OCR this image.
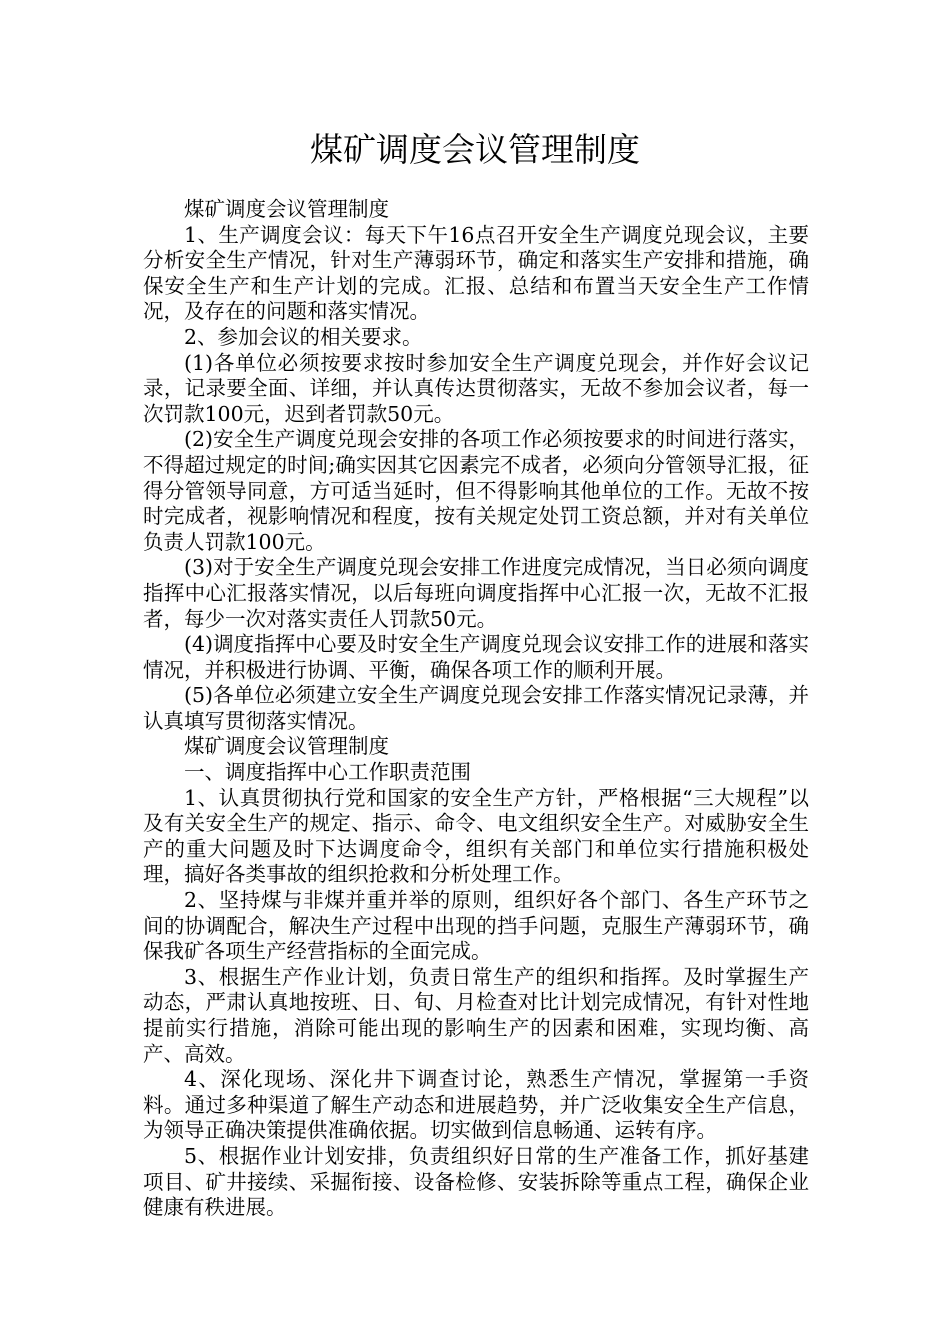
煤矿调度会议管理制度

煤矿调度会议管理制度

1、生产调度会议：每天下午16点召开安全生产调度兑现会议，主要分析安全生产情况，针对生产薄弱环节，确定和落实生产安排和措施，确保安全生产和生产计划的完成。汇报、总结和布置当天安全生产工作情况，及存在的问题和落实情况。

2、参加会议的相关要求。

(1)各单位必须按要求按时参加安全生产调度兑现会，并作好会议记录，记录要全面、详细，并认真传达贯彻落实，无故不参加会议者，每一次罚款100元，迟到者罚款50元。

(2)安全生产调度兑现会安排的各项工作必须按要求的时间进行落实，不得超过规定的时间;确实因其它因素完不成者，必须向分管领导汇报，征得分管领导同意，方可适当延时，但不得影响其他单位的工作。无故不按时完成者，视影响情况和程度，按有关规定处罚工资总额，并对有关单位负责人罚款100元。

(3)对于安全生产调度兑现会安排工作进度完成情况，当日必须向调度指挥中心汇报落实情况，以后每班向调度指挥中心汇报一次，无故不汇报者，每少一次对落实责任人罚款50元。

(4)调度指挥中心要及时安全生产调度兑现会议安排工作的进展和落实情况，并积极进行协调、平衡，确保各项工作的顺利开展。

(5)各单位必须建立安全生产调度兑现会安排工作落实情况记录薄，并认真填写贯彻落实情况。

煤矿调度会议管理制度

一、调度指挥中心工作职责范围

1、认真贯彻执行党和国家的安全生产方针，严格根据“三大规程”以及有关安全生产的规定、指示、命令、电文组织安全生产。对威胁安全生产的重大问题及时下达调度命令，组织有关部门和单位实行措施积极处理，搞好各类事故的组织抢救和分析处理工作。

2、坚持煤与非煤并重并举的原则，组织好各个部门、各生产环节之间的协调配合，解决生产过程中出现的挡手问题，克服生产薄弱环节，确保我矿各项生产经营指标的全面完成。

3、根据生产作业计划，负责日常生产的组织和指挥。及时掌握生产动态，严肃认真地按班、日、旬、月检查对比计划完成情况，有针对性地提前实行措施，消除可能出现的影响生产的因素和困难，实现均衡、高产、高效。

4、深化现场、深化井下调查讨论，熟悉生产情况，掌握第一手资料。通过多种渠道了解生产动态和进展趋势，并广泛收集安全生产信息，为领导正确决策提供准确依据。切实做到信息畅通、运转有序。

5、根据作业计划安排，负责组织好日常的生产准备工作，抓好基建项目、矿井接续、采掘衔接、设备检修、安装拆除等重点工程，确保企业健康有秩进展。
